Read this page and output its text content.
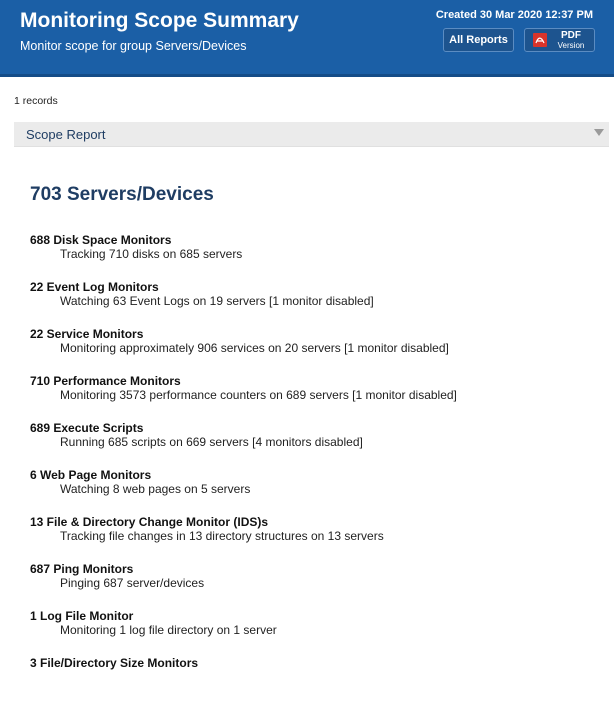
Monitoring Scope Summary
Monitor scope for group Servers/Devices
Created 30 Mar 2020 12:37 PM
All Reports	PDF
Version
1 records
Scope Report
703 Servers/Devices
688 Disk Space Monitors
Tracking 710 disks on 685 servers
22 Event Log Monitors
Watching 63 Event Logs on 19 servers [1 monitor disabled]
22 Service Monitors
Monitoring approximately 906 services on 20 servers [1 monitor disabled]
710 Performance Monitors
Monitoring 3573 performance counters on 689 servers [1 monitor disabled]
689 Execute Scripts
Running 685 scripts on 669 servers [4 monitors disabled]
6 Web Page Monitors
Watching 8 web pages on 5 servers
13 File & Directory Change Monitor (IDS)s
Tracking file changes in 13 directory structures on 13 servers
687 Ping Monitors
Pinging 687 server/devices
1 Log File Monitor
Monitoring 1 log file directory on 1 server
3 File/Directory Size Monitors
